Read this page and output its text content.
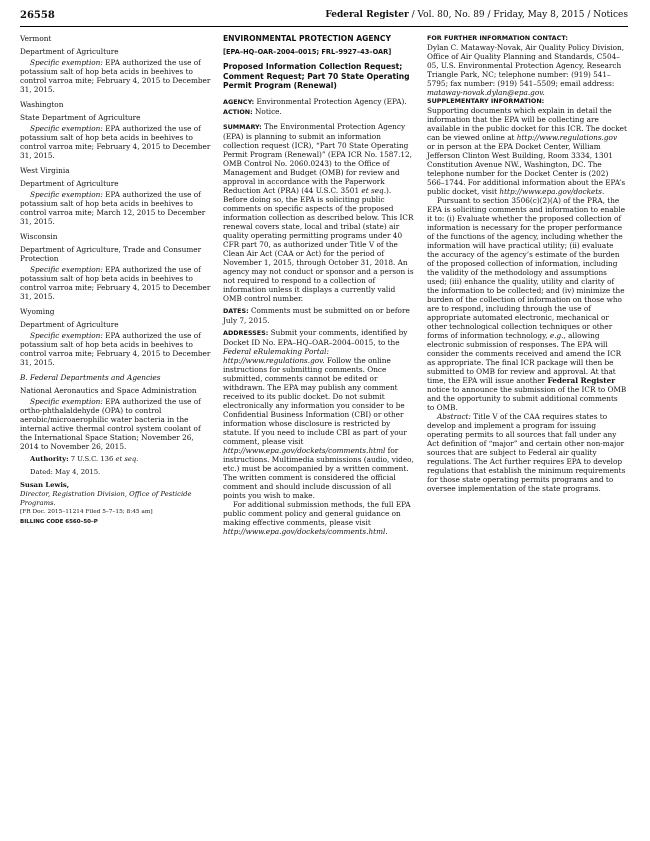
26558	Federal Register / Vol. 80, No. 89 / Friday, May 8, 2015 / Notices

Vermont

Department of Agriculture

Specific exemption: EPA authorized the use of potassium salt of hop beta acids in beehives to control varroa mite; February 4, 2015 to December 31, 2015.

Washington

State Department of Agriculture

Specific exemption: EPA authorized the use of potassium salt of hop beta acids in beehives to control varroa mite; February 4, 2015 to December 31, 2015.

West Virginia

Department of Agriculture

Specific exemption: EPA authorized the use of potassium salt of hop beta acids in beehives to control varroa mite; March 12, 2015 to December 31, 2015.

Wisconsin

Department of Agriculture, Trade and Consumer Protection

Specific exemption: EPA authorized the use of potassium salt of hop beta acids in beehives to control varroa mite; February 4, 2015 to December 31, 2015.

Wyoming

Department of Agriculture

Specific exemption: EPA authorized the use of potassium salt of hop beta acids in beehives to control varroa mite; February 4, 2015 to December 31, 2015.

B. Federal Departments and Agencies

National Aeronautics and Space Administration

Specific exemption: EPA authorized the use of ortho-phthalaldehyde (OPA) to control aerobic/microaerophilic water bacteria in the internal active thermal control system coolant of the International Space Station; November 26, 2014 to November 26, 2015.

Authority: 7 U.S.C. 136 et seq.

Dated: May 4, 2015.

Susan Lewis,

Director, Registration Division, Office of Pesticide Programs.

[FR Doc. 2015–11214 Filed 5–7–15; 8:45 am]

BILLING CODE 6560–50–P

ENVIRONMENTAL PROTECTION AGENCY

[EPA–HQ–OAR–2004–0015; FRL–9927–43–OAR]

Proposed Information Collection Request; Comment Request; Part 70 State Operating Permit Program (Renewal)

AGENCY: Environmental Protection Agency (EPA).

ACTION: Notice.

SUMMARY: The Environmental Protection Agency (EPA) is planning to submit an information collection request (ICR), “Part 70 State Operating Permit Program (Renewal)” (EPA ICR No. 1587.12, OMB Control No. 2060.0243) to the Office of Management and Budget (OMB) for review and approval in accordance with the Paperwork Reduction Act (PRA) (44 U.S.C. 3501 et seq.). Before doing so, the EPA is soliciting public comments on specific aspects of the proposed information collection as described below. This ICR renewal covers state, local and tribal (state) air quality operating permitting programs under 40 CFR part 70, as authorized under Title V of the Clean Air Act (CAA or Act) for the period of November 1, 2015, through October 31, 2018. An agency may not conduct or sponsor and a person is not required to respond to a collection of information unless it displays a currently valid OMB control number.

DATES: Comments must be submitted on or before July 7, 2015.

ADDRESSES: Submit your comments, identified by Docket ID No. EPA–HQ–OAR–2004–0015, to the Federal eRulemaking Portal: http://www.regulations.gov. Follow the online instructions for submitting comments. Once submitted, comments cannot be edited or withdrawn. The EPA may publish any comment received to its public docket. Do not submit electronically any information you consider to be Confidential Business Information (CBI) or other information whose disclosure is restricted by statute. If you need to include CBI as part of your comment, please visit http://www.epa.gov/dockets/comments.html for instructions. Multimedia submissions (audio, video, etc.) must be accompanied by a written comment. The written comment is considered the official comment and should include discussion of all points you wish to make.

For additional submission methods, the full EPA public comment policy and general guidance on making effective comments, please visit http://www.epa.gov/dockets/comments.html.

FOR FURTHER INFORMATION CONTACT:

Dylan C. Mataway-Novak, Air Quality Policy Division, Office of Air Quality Planning and Standards, C504–05, U.S. Environmental Protection Agency, Research Triangle Park, NC; telephone number: (919) 541–5795; fax number: (919) 541–5509; email address: mataway-novak.dylan@epa.gov.

SUPPLEMENTARY INFORMATION:

Supporting documents which explain in detail the information that the EPA will be collecting are available in the public docket for this ICR. The docket can be viewed online at http://www.regulations.gov or in person at the EPA Docket Center, William Jefferson Clinton West Building, Room 3334, 1301 Constitution Avenue NW., Washington, DC. The telephone number for the Docket Center is (202) 566–1744. For additional information about the EPA’s public docket, visit http://www.epa.gov/dockets.

Pursuant to section 3506(c)(2)(A) of the PRA, the EPA is soliciting comments and information to enable it to: (i) Evaluate whether the proposed collection of information is necessary for the proper performance of the functions of the agency, including whether the information will have practical utility; (ii) evaluate the accuracy of the agency’s estimate of the burden of the proposed collection of information, including the validity of the methodology and assumptions used; (iii) enhance the quality, utility and clarity of the information to be collected; and (iv) minimize the burden of the collection of information on those who are to respond, including through the use of appropriate automated electronic, mechanical or other technological collection techniques or other forms of information technology, e.g., allowing electronic submission of responses. The EPA will consider the comments received and amend the ICR as appropriate. The final ICR package will then be submitted to OMB for review and approval. At that time, the EPA will issue another Federal Register notice to announce the submission of the ICR to OMB and the opportunity to submit additional comments to OMB.

Abstract: Title V of the CAA requires states to develop and implement a program for issuing operating permits to all sources that fall under any Act definition of “major” and certain other non-major sources that are subject to Federal air quality regulations. The Act further requires EPA to develop regulations that establish the minimum requirements for those state operating permits programs and to oversee implementation of the state programs.
